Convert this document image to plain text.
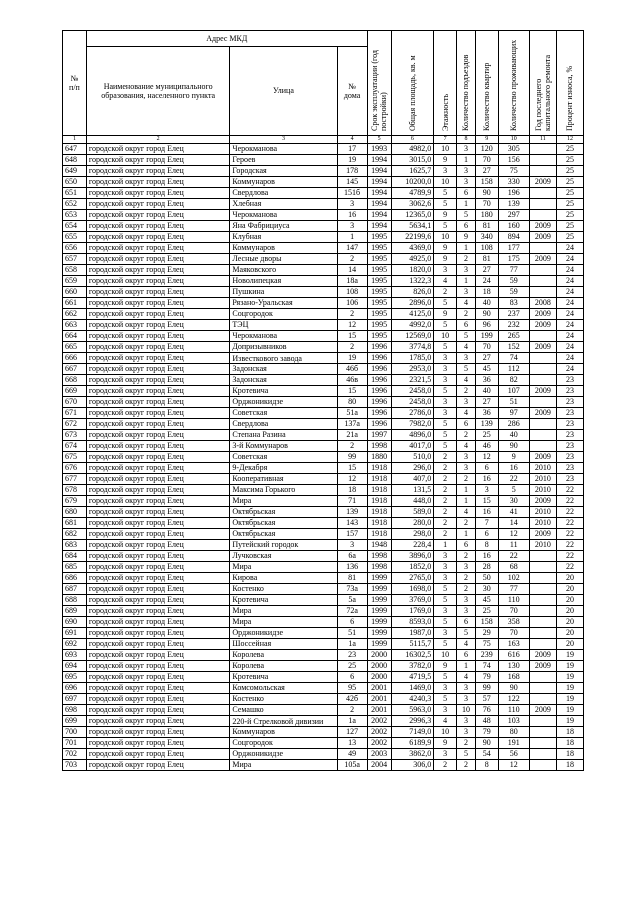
№
п/п	Адрес МКД			Срок эксплуатации (год постройки)	Общая площадь, кв. м	Этажность	Количество подъездов	Количество квартир	Количество проживающих	Год последнего капитального ремонта	Процент износа, %

	Наименование муниципального образования, населенного пункта	Улица	№
дома								
1	2	3	4	5	6	7	8	9	10	11	12
647	городской округ город Елец	Черокманова	17	1993	4982,0	10	3	120	305		25
648	городской округ город Елец	Героев	19	1994	3015,0	9	1	70	156		25
649	городской округ город Елец	Городская	178	1994	1625,7	3	3	27	75		25
650	городской округ город Елец	Коммунаров	145	1994	10200,0	10	3	158	330	2009	25
651	городской округ город Елец	Свердлова	151б	1994	4789,9	5	6	90	196		25
652	городской округ город Елец	Хлебная	3	1994	3062,6	5	1	70	139		25
653	городской округ город Елец	Черокманова	16	1994	12365,0	9	5	180	297		25
654	городской округ город Елец	Яна Фабрициуса	3	1994	5634,1	5	6	81	160	2009	25
655	городской округ город Елец	Клубная	1	1995	22199,6	10	9	340	894	2009	25
656	городской округ город Елец	Коммунаров	147	1995	4369,0	9	1	108	177		24
657	городской округ город Елец	Лесные дворы	2	1995	4925,0	9	2	81	175	2009	24
658	городской округ город Елец	Маяковского	14	1995	1820,0	3	3	27	77		24
659	городской округ город Елец	Новолипецкая	18а	1995	1322,3	4	1	24	59		24
660	городской округ город Елец	Пушкина	108	1995	826,0	2	3	18	59		24
661	городской округ город Елец	Рязано-Уральская	106	1995	2896,0	5	4	40	83	2008	24
662	городской округ город Елец	Соцгородок	2	1995	4125,0	9	2	90	237	2009	24
663	городской округ город Елец	ТЭЦ	12	1995	4992,0	5	6	96	232	2009	24
664	городской округ город Елец	Черокманова	15	1995	12569,0	10	5	199	265		24
665	городской округ город Елец	Допризывников	2	1996	3774,8	5	4	70	152	2009	24
666	городской округ город Елец	Известкового завода	19	1996	1785,0	3	3	27	74		24
667	городской округ город Елец	Задонская	46б	1996	2953,0	3	5	45	112		24
668	городской округ город Елец	Задонская	46в	1996	2321,5	3	4	36	82		23
669	городской округ город Елец	Кротевича	15	1996	2458,0	5	2	40	107	2009	23
670	городской округ город Елец	Орджоникидзе	80	1996	2458,0	3	3	27	51		23
671	городской округ город Елец	Советская	51а	1996	2786,0	3	4	36	97	2009	23
672	городской округ город Елец	Свердлова	137а	1996	7982,0	5	6	139	286		23
673	городской округ город Елец	Степана Разина	21а	1997	4896,0	5	2	25	40		23
674	городской округ город Елец	3-й Коммунаров	2	1998	4017,0	5	4	46	90		23
675	городской округ город Елец	Советская	99	1880	510,0	2	3	12	9	2009	23
676	городской округ город Елец	9-Декабря	15	1918	296,0	2	3	6	16	2010	23
677	городской округ город Елец	Кооперативная	12	1918	407,0	2	2	16	22	2010	23
678	городской округ город Елец	Максима Горького	18	1918	131,5	2	1	3	5	2010	22
679	городской округ город Елец	Мира	71	1918	448,0	2	1	15	30	2009	22
680	городской округ город Елец	Октябрьская	139	1918	589,0	2	4	16	41	2010	22
681	городской округ город Елец	Октябрьская	143	1918	280,0	2	2	7	14	2010	22
682	городской округ город Елец	Октябрьская	157	1918	298,0	2	1	6	12	2009	22
683	городской округ город Елец	Путейский городок	3	1948	228,4	1	6	8	11	2010	22
684	городской округ город Елец	Лучковская	6а	1998	3896,0	3	2	16	22		22
685	городской округ город Елец	Мира	136	1998	1852,0	3	3	28	68		22
686	городской округ город Елец	Кирова	81	1999	2765,0	3	2	50	102		20
687	городской округ город Елец	Костенко	73а	1999	1698,0	5	2	30	77		20
688	городской округ город Елец	Кротевича	5а	1999	3769,0	5	3	45	110		20
689	городской округ город Елец	Мира	72а	1999	1769,0	3	3	25	70		20
690	городской округ город Елец	Мира	6	1999	8593,0	5	6	158	358		20
691	городской округ город Елец	Орджоникидзе	51	1999	1987,0	3	5	29	70		20
692	городской округ город Елец	Шоссейная	1а	1999	5115,7	5	4	75	163		20
693	городской округ город Елец	Королева	23	2000	16302,5	10	6	239	616	2009	19
694	городской округ город Елец	Королева	25	2000	3782,0	9	1	74	130	2009	19
695	городской округ город Елец	Кротевича	6	2000	4719,5	5	4	79	168		19
696	городской округ город Елец	Комсомольская	95	2001	1469,0	3	3	99	90		19
697	городской округ город Елец	Костенко	42б	2001	4240,3	5	3	57	122		19
698	городской округ город Елец	Семашко	2	2001	5963,0	3	10	76	110	2009	19
699	городской округ город Елец	220-й Стрелковой дивизии	1а	2002	2996,3	4	3	48	103		19
700	городской округ город Елец	Коммунаров	127	2002	7149,0	10	3	79	80		18
701	городской округ город Елец	Соцгородок	13	2002	6189,9	9	2	90	191		18
702	городской округ город Елец	Орджоникидзе	49	2003	3862,0	3	5	54	56		18
703	городской округ город Елец	Мира	105а	2004	306,0	2	2	8	12		18
